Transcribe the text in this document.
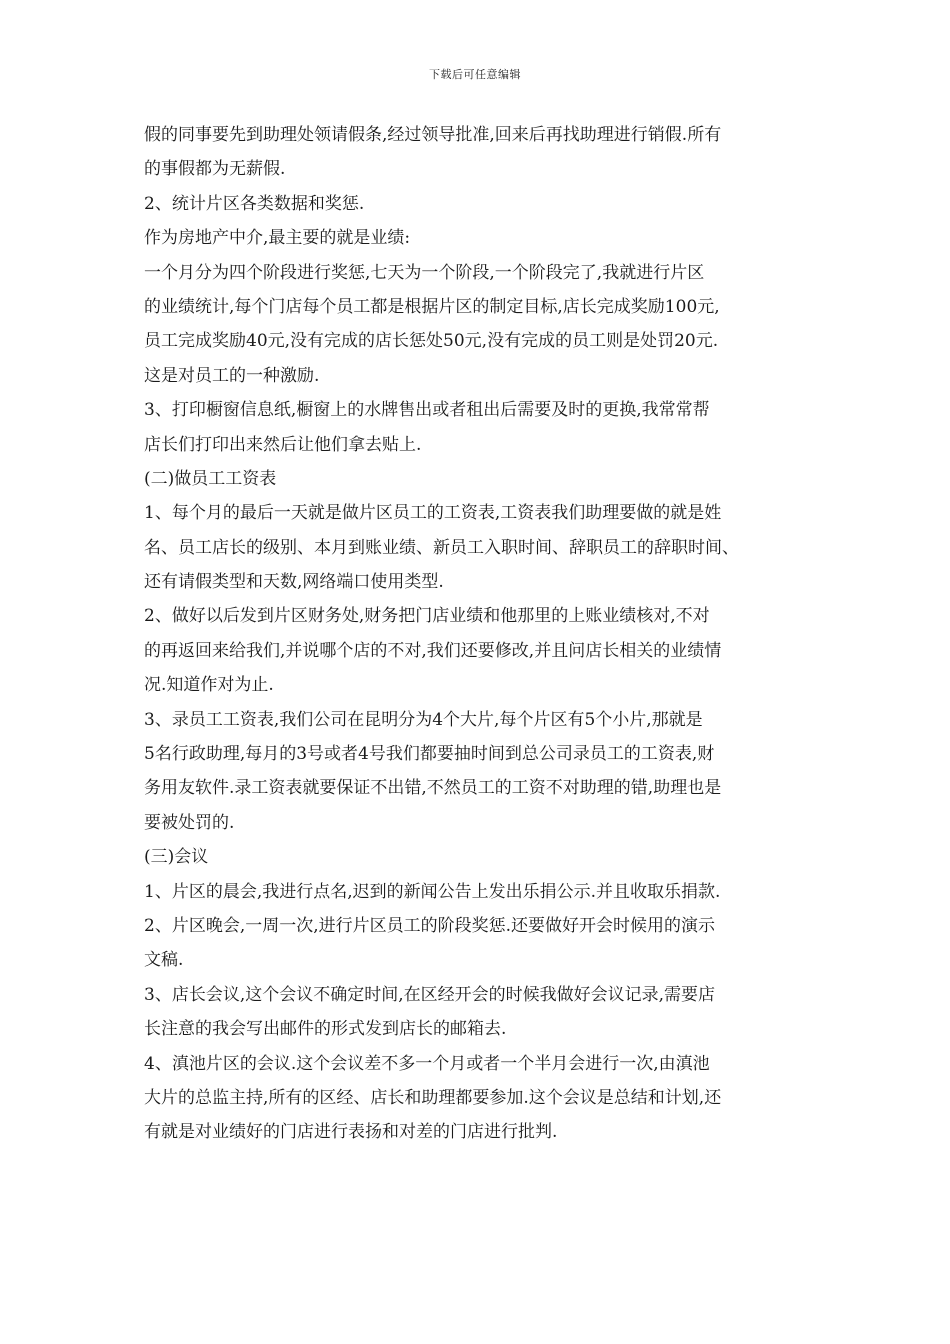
下载后可任意编辑
假的同事要先到助理处领请假条,经过领导批准,回来后再找助理进行销假.所有
的事假都为无薪假.
2、统计片区各类数据和奖惩.
作为房地产中介,最主要的就是业绩:
一个月分为四个阶段进行奖惩,七天为一个阶段,一个阶段完了,我就进行片区
的业绩统计,每个门店每个员工都是根据片区的制定目标,店长完成奖励100元,
员工完成奖励40元,没有完成的店长惩处50元,没有完成的员工则是处罚20元.
这是对员工的一种激励.
3、打印橱窗信息纸,橱窗上的水牌售出或者租出后需要及时的更换,我常常帮
店长们打印出来然后让他们拿去贴上.
(二)做员工工资表
1、每个月的最后一天就是做片区员工的工资表,工资表我们助理要做的就是姓
名、员工店长的级别、本月到账业绩、新员工入职时间、辞职员工的辞职时间、
还有请假类型和天数,网络端口使用类型.
2、做好以后发到片区财务处,财务把门店业绩和他那里的上账业绩核对,不对
的再返回来给我们,并说哪个店的不对,我们还要修改,并且问店长相关的业绩情
况.知道作对为止.
3、录员工工资表,我们公司在昆明分为4个大片,每个片区有5个小片,那就是
5名行政助理,每月的3号或者4号我们都要抽时间到总公司录员工的工资表,财
务用友软件.录工资表就要保证不出错,不然员工的工资不对助理的错,助理也是
要被处罚的.
(三)会议
1、片区的晨会,我进行点名,迟到的新闻公告上发出乐捐公示.并且收取乐捐款.
2、片区晚会,一周一次,进行片区员工的阶段奖惩.还要做好开会时候用的演示
文稿.
3、店长会议,这个会议不确定时间,在区经开会的时候我做好会议记录,需要店
长注意的我会写出邮件的形式发到店长的邮箱去.
4、滇池片区的会议.这个会议差不多一个月或者一个半月会进行一次,由滇池
大片的总监主持,所有的区经、店长和助理都要参加.这个会议是总结和计划,还
有就是对业绩好的门店进行表扬和对差的门店进行批判.
